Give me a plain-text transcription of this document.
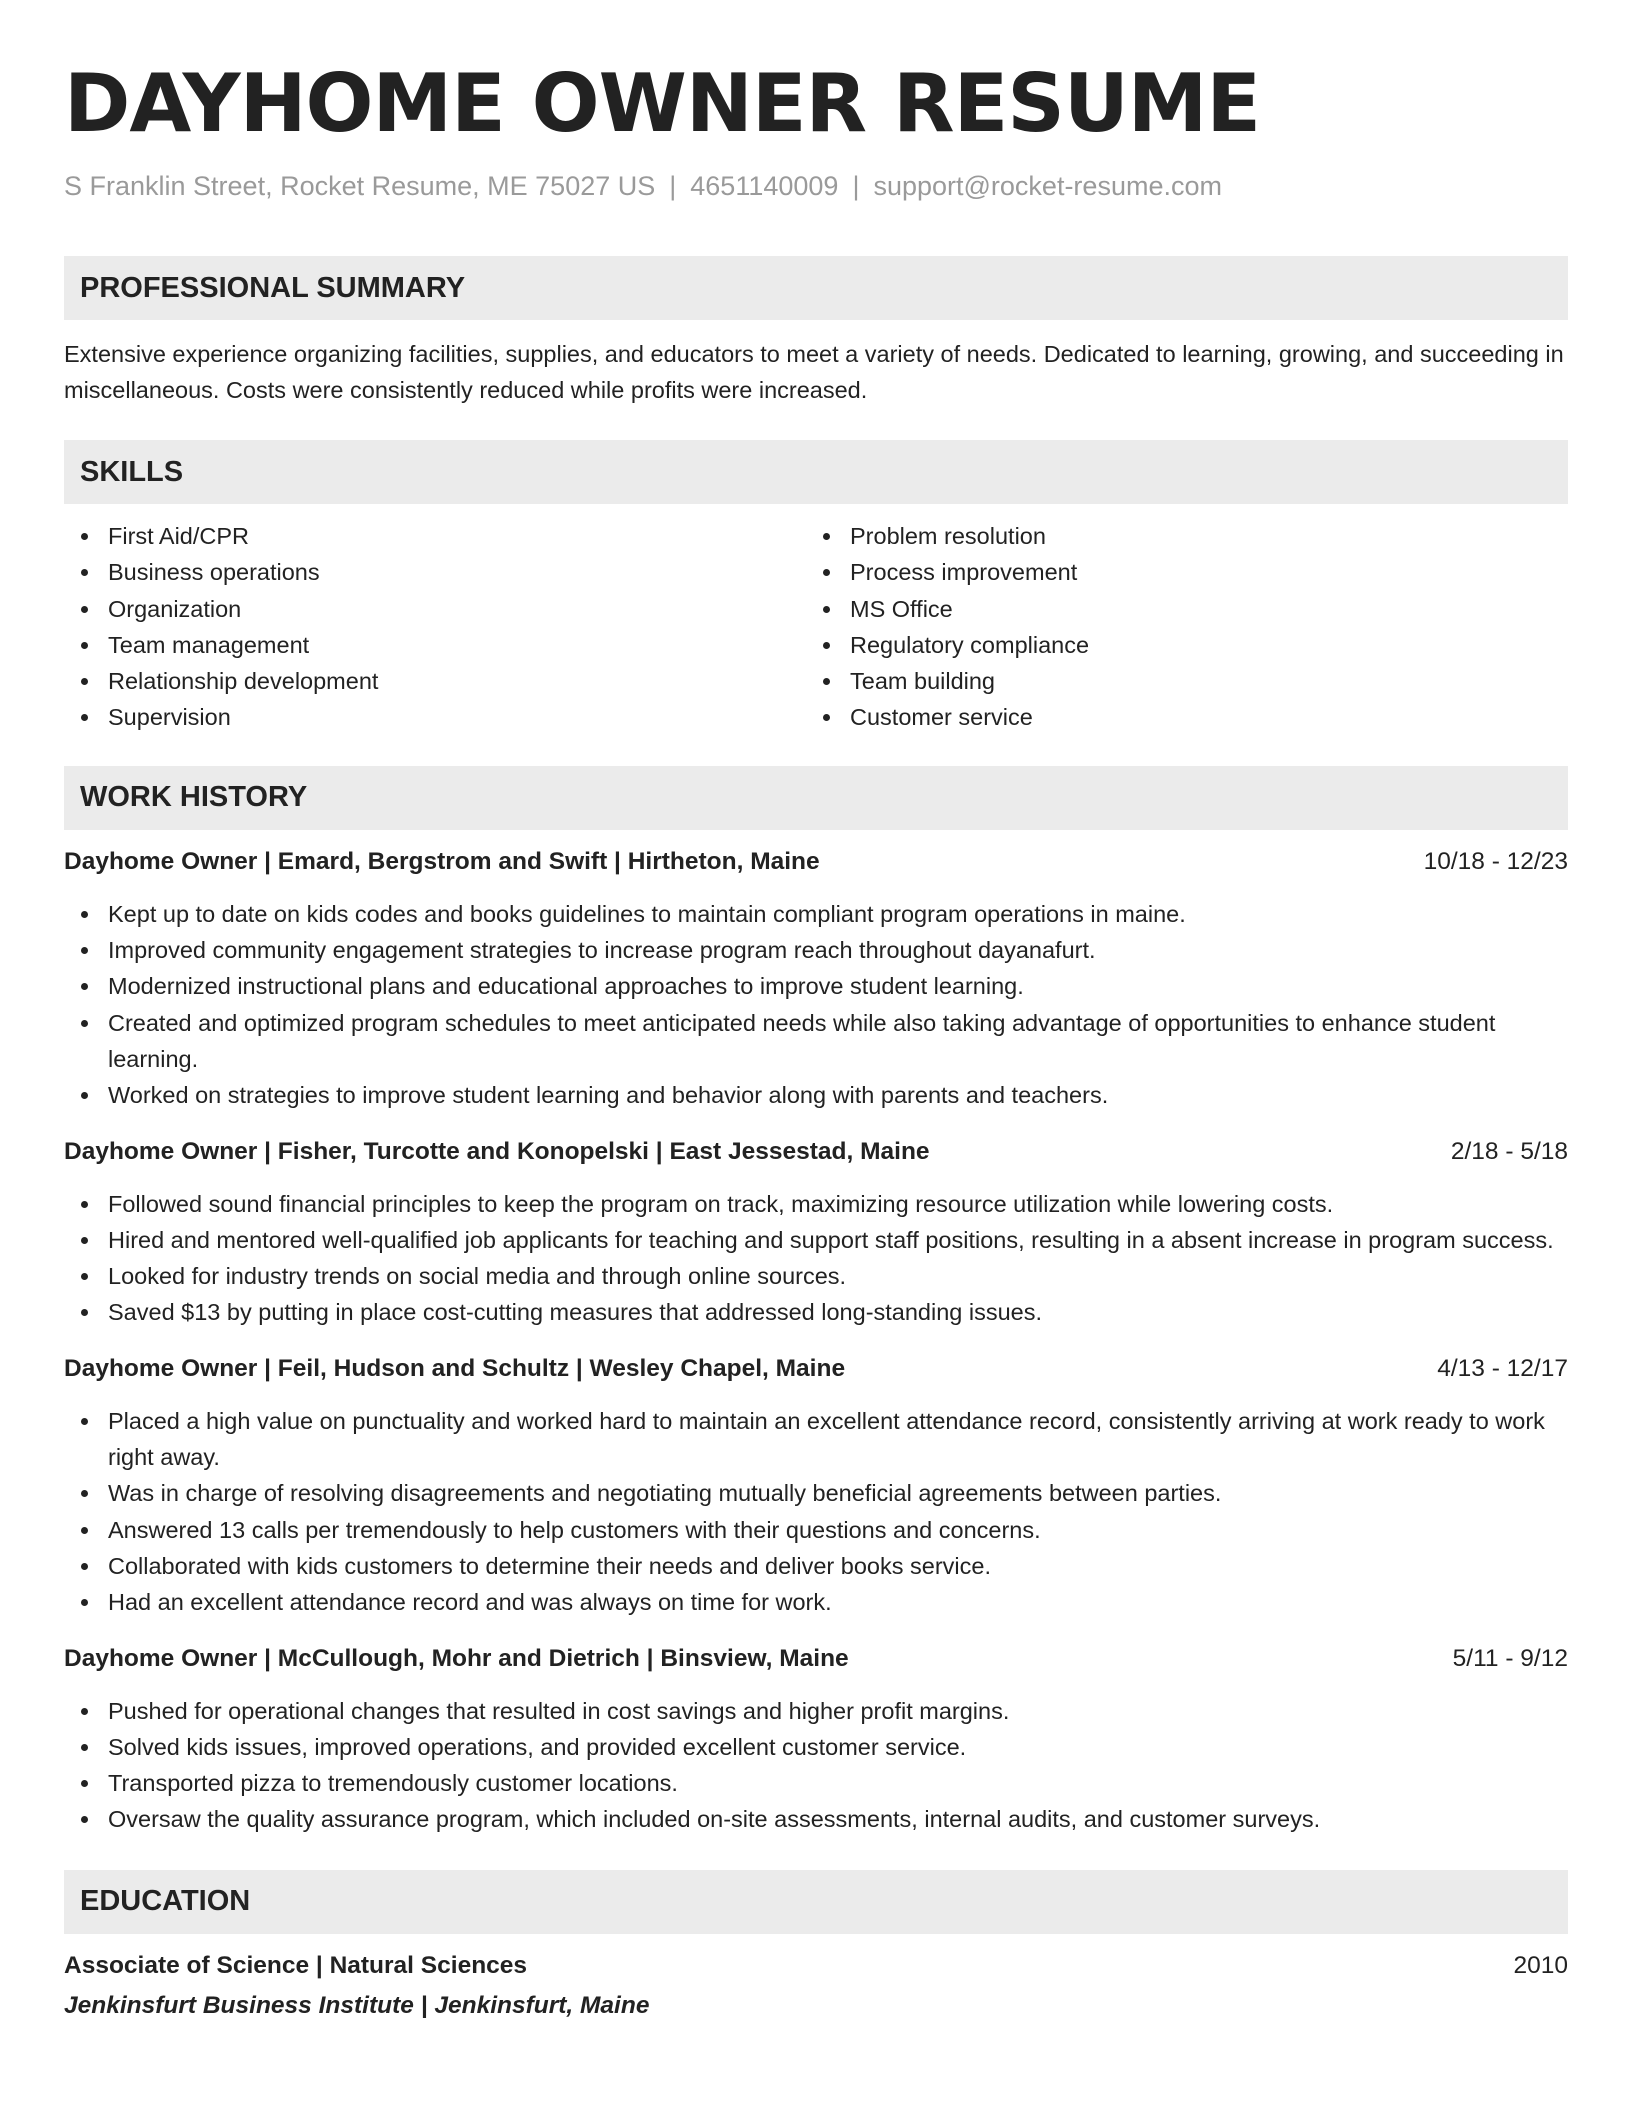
DAYHOME OWNER RESUME
S Franklin Street, Rocket Resume, ME 75027 US | 4651140009 | support@rocket-resume.com
PROFESSIONAL SUMMARY
Extensive experience organizing facilities, supplies, and educators to meet a variety of needs. Dedicated to learning, growing, and succeeding in miscellaneous. Costs were consistently reduced while profits were increased.
SKILLS
First Aid/CPR
Business operations
Organization
Team management
Relationship development
Supervision
Problem resolution
Process improvement
MS Office
Regulatory compliance
Team building
Customer service
WORK HISTORY
Dayhome Owner | Emard, Bergstrom and Swift | Hirtheton, Maine	10/18 - 12/23
Kept up to date on kids codes and books guidelines to maintain compliant program operations in maine.
Improved community engagement strategies to increase program reach throughout dayanafurt.
Modernized instructional plans and educational approaches to improve student learning.
Created and optimized program schedules to meet anticipated needs while also taking advantage of opportunities to enhance student learning.
Worked on strategies to improve student learning and behavior along with parents and teachers.
Dayhome Owner | Fisher, Turcotte and Konopelski | East Jessestad, Maine	2/18 - 5/18
Followed sound financial principles to keep the program on track, maximizing resource utilization while lowering costs.
Hired and mentored well-qualified job applicants for teaching and support staff positions, resulting in a absent increase in program success.
Looked for industry trends on social media and through online sources.
Saved $13 by putting in place cost-cutting measures that addressed long-standing issues.
Dayhome Owner | Feil, Hudson and Schultz | Wesley Chapel, Maine	4/13 - 12/17
Placed a high value on punctuality and worked hard to maintain an excellent attendance record, consistently arriving at work ready to work right away.
Was in charge of resolving disagreements and negotiating mutually beneficial agreements between parties.
Answered 13 calls per tremendously to help customers with their questions and concerns.
Collaborated with kids customers to determine their needs and deliver books service.
Had an excellent attendance record and was always on time for work.
Dayhome Owner | McCullough, Mohr and Dietrich | Binsview, Maine	5/11 - 9/12
Pushed for operational changes that resulted in cost savings and higher profit margins.
Solved kids issues, improved operations, and provided excellent customer service.
Transported pizza to tremendously customer locations.
Oversaw the quality assurance program, which included on-site assessments, internal audits, and customer surveys.
EDUCATION
Associate of Science | Natural Sciences	2010
Jenkinsfurt Business Institute | Jenkinsfurt, Maine
